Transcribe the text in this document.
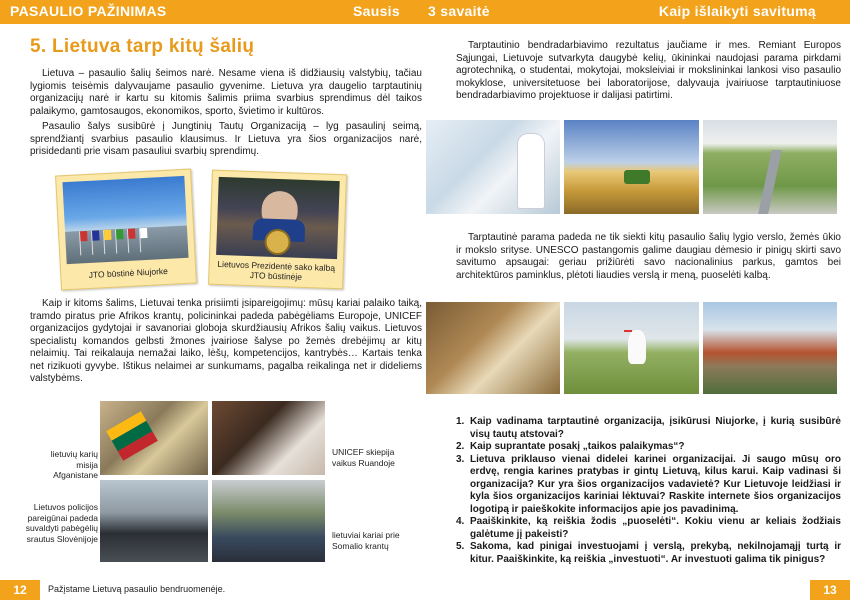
PASAULIO PAŽINIMAS	Sausis 3 savaitė	Kaip išlaikyti savitumą
5. Lietuva tarp kitų šalių

Lietuva – pasaulio šalių šeimos narė. Nesame viena iš didžiausių valstybių, tačiau lygiomis teisėmis dalyvaujame pasaulio gyvenime. Lietuva yra daugelio tarptautinių organizacijų narė ir kartu su kitomis šalimis priima svarbius sprendimus dėl taikos palaikymo, gamtosaugos, ekonomikos, sporto, švietimo ir kultūros.

Pasaulio šalys susibūrė į Jungtinių Tautų Organizaciją – lyg pasaulinį seimą, sprendžiantį svarbius pasaulio klausimus. Ir Lietuva yra šios organizacijos narė, prisidedanti prie visam pasauliui svarbių sprendimų.

JTO būstinė Niujorke	Lietuvos Prezidentė sako kalbą JTO būstinėje

Kaip ir kitoms šalims, Lietuvai tenka prisiimti įsipareigojimų: mūsų kariai palaiko taiką, tramdo piratus prie Afrikos krantų, policininkai padeda pabėgėliams Europoje, UNICEF organizacijos gydytojai ir savanoriai globoja skurdžiausių Afrikos šalių vaikus. Lietuvos specialistų komandos gelbsti žmones įvairiose šalyse po žemės drebėjimų ar kitų nelaimių. Tai reikalauja nemažai laiko, lėšų, kompetencijos, kantrybės… Kartais tenka net rizikuoti gyvybe. Ištikus nelaimei ar sunkumams, pagalba reikalinga net ir dideliems valstybėms.

lietuvių karių misija Afganistane
UNICEF skiepija vaikus Ruandoje
Lietuvos policijos pareigūnai padeda suvaldyti pabėgėlių srautus Slovėnijoje	lietuviai kariai prie Somalio krantų

Tarptautinio bendradarbiavimo rezultatus jaučiame ir mes. Remiant Europos Sąjungai, Lietuvoje sutvarkyta daugybė kelių, ūkininkai naudojasi parama pirkdami agrotechniką, o studentai, mokytojai, moksleiviai ir mokslininkai lankosi viso pasaulio mokyklose, universitetuose bei laboratorijose, dalyvauja įvairiuose tarptautiniuose bendradarbiavimo projektuose ir dalijasi patirtimi.

Tarptautinė parama padeda ne tik siekti kitų pasaulio šalių lygio verslo, žemės ūkio ir mokslo srityse. UNESCO pastangomis galime daugiau dėmesio ir pinigų skirti savo savitumo apsaugai: geriau prižiūrėti savo nacionalinius parkus, gamtos bei architektūros paminklus, plėtoti liaudies verslą ir meną, puoselėti kalbą.

1. Kaip vadinama tarptautinė organizacija, įsikūrusi Niujorke, į kurią susibūrė visų tautų atstovai?
2. Kaip suprantate posakį „taikos palaikymas“?
3. Lietuva priklauso vienai didelei karinei organizacijai. Ji saugo mūsų oro erdvę, rengia karines pratybas ir gintų Lietuvą, kilus karui. Kaip vadinasi ši organizacija? Kur yra šios organizacijos vadavietė? Kur Lietuvoje leidžiasi ir kyla šios organizacijos kariniai lėktuvai? Raskite internete šios organizacijos logotipą ir paieškokite informacijos apie jos pavadinimą.
4. Paaiškinkite, ką reiškia žodis „puoselėti“. Kokiu vienu ar keliais žodžiais galėtume jį pakeisti?
5. Sakoma, kad pinigai investuojami į verslą, prekybą, nekilnojamąjį turtą ir kitur. Paaiškinkite, ką reiškia „investuoti“. Ar investuoti galima tik pinigus?
12	Pažįstame Lietuvą pasaulio bendruomenėje.	13
